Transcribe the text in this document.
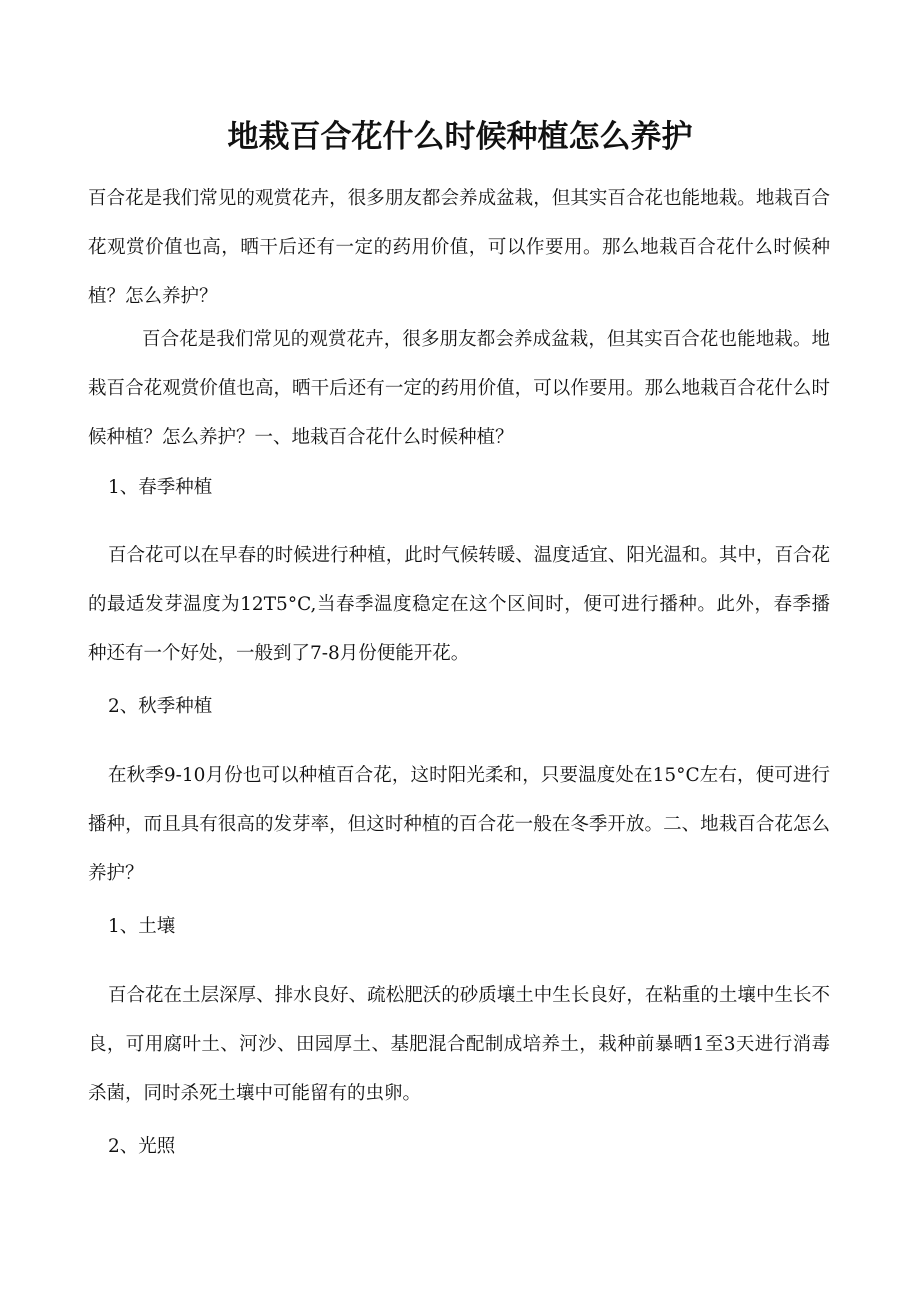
地栽百合花什么时候种植怎么养护

百合花是我们常见的观赏花卉，很多朋友都会养成盆栽，但其实百合花也能地栽。地栽百合花观赏价值也高，晒干后还有一定的药用价值，可以作要用。那么地栽百合花什么时候种植？怎么养护？

百合花是我们常见的观赏花卉，很多朋友都会养成盆栽，但其实百合花也能地栽。地栽百合花观赏价值也高，晒干后还有一定的药用价值，可以作要用。那么地栽百合花什么时候种植？怎么养护？一、地栽百合花什么时候种植？

1、春季种植

百合花可以在早春的时候进行种植，此时气候转暖、温度适宜、阳光温和。其中，百合花的最适发芽温度为12T5°C,当春季温度稳定在这个区间时，便可进行播种。此外，春季播种还有一个好处，一般到了7-8月份便能开花。

2、秋季种植

在秋季9-10月份也可以种植百合花，这时阳光柔和，只要温度处在15°C左右，便可进行播种，而且具有很高的发芽率，但这时种植的百合花一般在冬季开放。二、地栽百合花怎么养护？

1、土壤

百合花在土层深厚、排水良好、疏松肥沃的砂质壤土中生长良好，在粘重的土壤中生长不良，可用腐叶土、河沙、田园厚土、基肥混合配制成培养土，栽种前暴晒1至3天进行消毒杀菌，同时杀死土壤中可能留有的虫卵。

2、光照
